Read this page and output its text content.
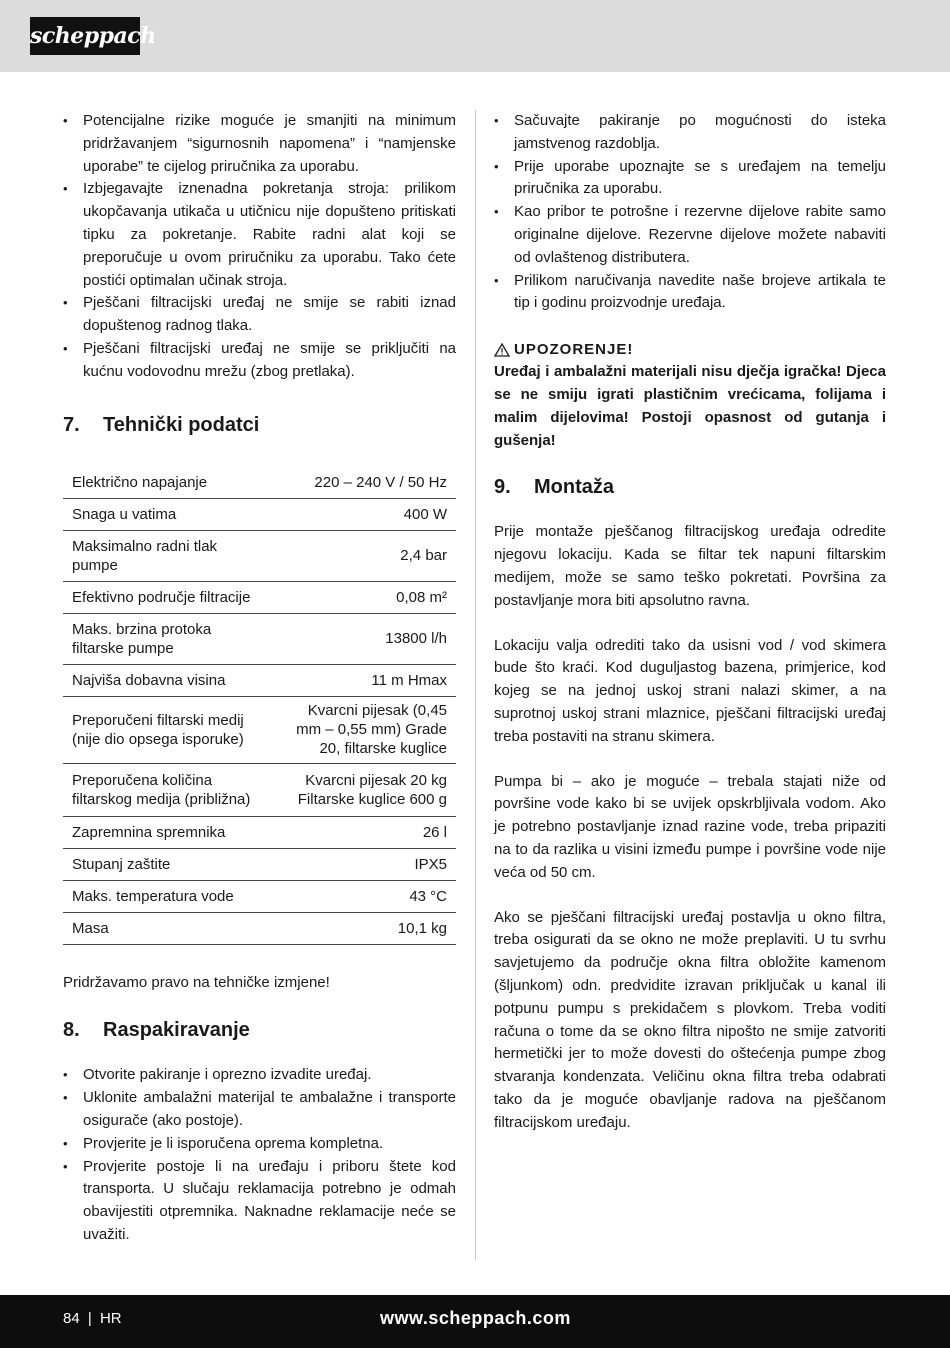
scheppach
• Potencijalne rizike moguće je smanjiti na minimum pridržavanjem “sigurnosnih napomena” i “namjenske uporabe” te cijelog priručnika za uporabu.
• Izbjegavajte iznenadna pokretanja stroja: prilikom ukopčavanja utikača u utičnicu nije dopušteno pritiskati tipku za pokretanje. Rabite radni alat koji se preporučuje u ovom priručniku za uporabu. Tako ćete postići optimalan učinak stroja.
• Pješčani filtracijski uređaj ne smije se rabiti iznad dopuštenog radnog tlaka.
• Pješčani filtracijski uređaj ne smije se priključiti na kućnu vodovodnu mrežu (zbog pretlaka).
7.	Tehnički podatci
Električno napajanje	220 – 240 V / 50 Hz
Snaga u vatima	400 W
Maksimalno radni tlak pumpe	2,4 bar
Efektivno područje filtracije	0,08 m²
Maks. brzina protoka filtarske pumpe	13800 l/h
Najviša dobavna visina	11 m Hmax
Preporučeni filtarski medij (nije dio opsega isporuke)	Kvarcni pijesak (0,45 mm – 0,55 mm) Grade 20, filtarske kuglice
Preporučena količina filtarskog medija (približna)	Kvarcni pijesak 20 kg Filtarske kuglice 600 g
Zapremnina spremnika	26 l
Stupanj zaštite	IPX5
Maks. temperatura vode	43 °C
Masa	10,1 kg

Pridržavamo pravo na tehničke izmjene!

8.	Raspakiravanje
• Otvorite pakiranje i oprezno izvadite uređaj.
• Uklonite ambalažni materijal te ambalažne i transporte osigurače (ako postoje).
• Provjerite je li isporučena oprema kompletna.
• Provjerite postoje li na uređaju i priboru štete kod transporta. U slučaju reklamacija potrebno je odmah obavijestiti otpremnika. Naknadne reklamacije neće se uvažiti.
• Sačuvajte pakiranje po mogućnosti do isteka jamstvenog razdoblja.
• Prije uporabe upoznajte se s uređajem na temelju priručnika za uporabu.
• Kao pribor te potrošne i rezervne dijelove rabite samo originalne dijelove. Rezervne dijelove možete nabaviti od ovlaštenog distributera.
• Prilikom naručivanja navedite naše brojeve artikala te tip i godinu proizvodnje uređaja.
UPOZORENJE!

Uređaj i ambalažni materijali nisu dječja igračka! Djeca se ne smiju igrati plastičnim vrećicama, folijama i malim dijelovima! Postoji opasnost od gutanja i gušenja!

9.	Montaža

Prije montaže pješčanog filtracijskog uređaja odredite njegovu lokaciju. Kada se filtar tek napuni filtarskim medijem, može se samo teško pokretati. Površina za postavljanje mora biti apsolutno ravna.

Lokaciju valja odrediti tako da usisni vod / vod skimera bude što kraći. Kod duguljastog bazena, primjerice, kod kojeg se na jednoj uskoj strani nalazi skimer, a na suprotnoj uskoj strani mlaznice, pješčani filtracijski uređaj treba postaviti na stranu skimera.

Pumpa bi – ako je moguće – trebala stajati niže od površine vode kako bi se uvijek opskrbljivala vodom. Ako je potrebno postavljanje iznad razine vode, treba pripaziti na to da razlika u visini između pumpe i površine vode nije veća od 50 cm.

Ako se pješčani filtracijski uređaj postavlja u okno filtra, treba osigurati da se okno ne može preplaviti. U tu svrhu savjetujemo da područje okna filtra obložite kamenom (šljunkom) odn. predvidite izravan priključak u kanal ili potpunu pumpu s prekidačem s plovkom. Treba voditi računa o tome da se okno filtra nipošto ne smije zatvoriti hermetički jer to može dovesti do oštećenja pumpe zbog stvaranja kondenzata. Veličinu okna filtra treba odabrati tako da je moguće obavljanje radova na pješčanom filtracijskom uređaju.

84 | HR	www.scheppach.com
